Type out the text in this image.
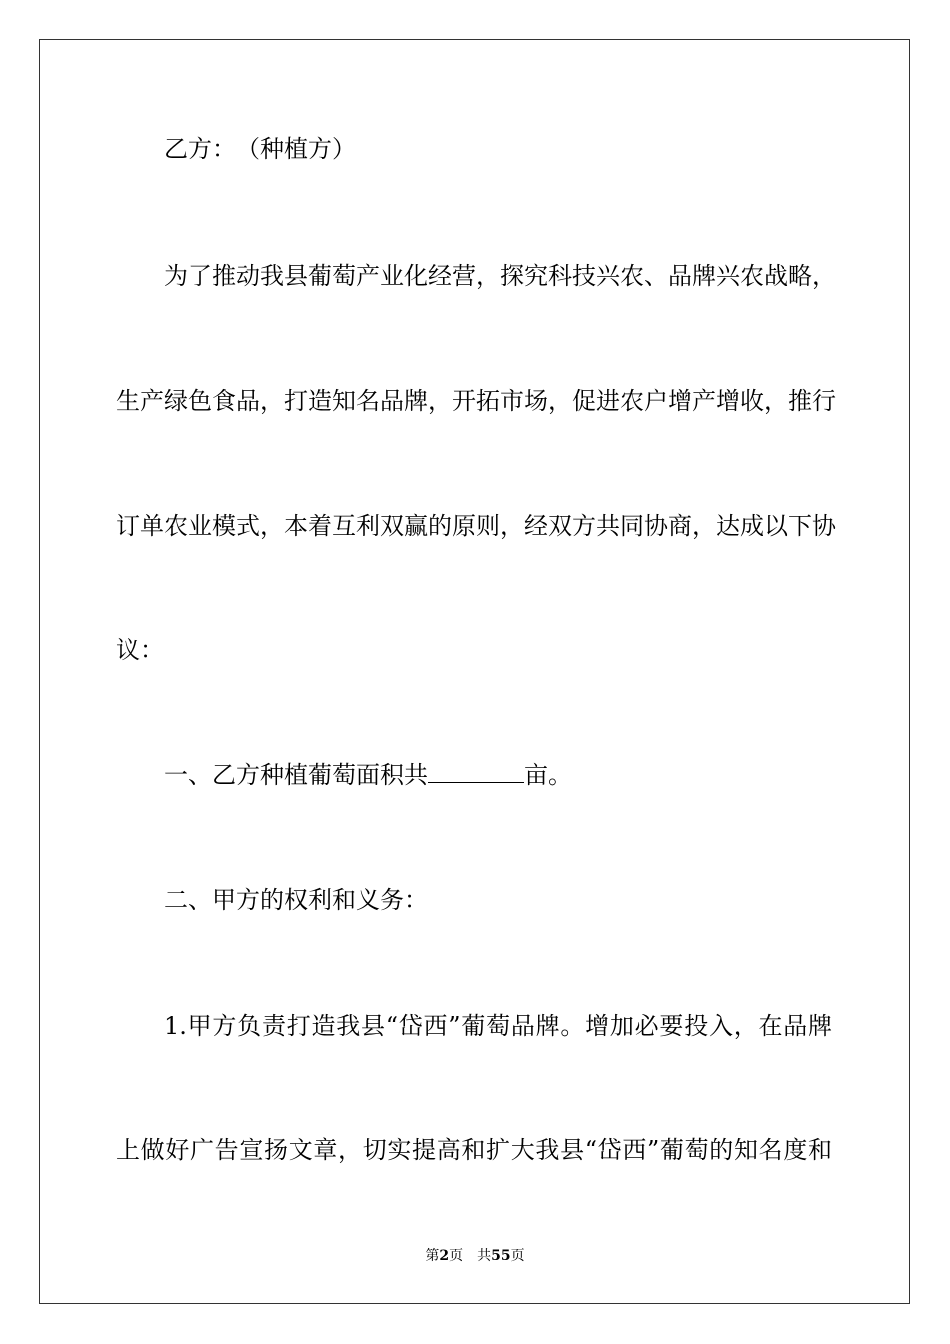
乙方：　（种植方）
为了推动我县葡萄产业化经营，探究科技兴农、品牌兴农战略，
生产绿色食品，打造知名品牌，开拓市场，促进农户增产增收，推行
订单农业模式，本着互利双赢的原则，经双方共同协商，达成以下协
议：
一、乙方种植葡萄面积共	亩。
二、甲方的权利和义务：
1.甲方负责打造我县“岱西”葡萄品牌。增加必要投入，在品牌
上做好广告宣扬文章，切实提高和扩大我县“岱西”葡萄的知名度和
第2页　共55页
